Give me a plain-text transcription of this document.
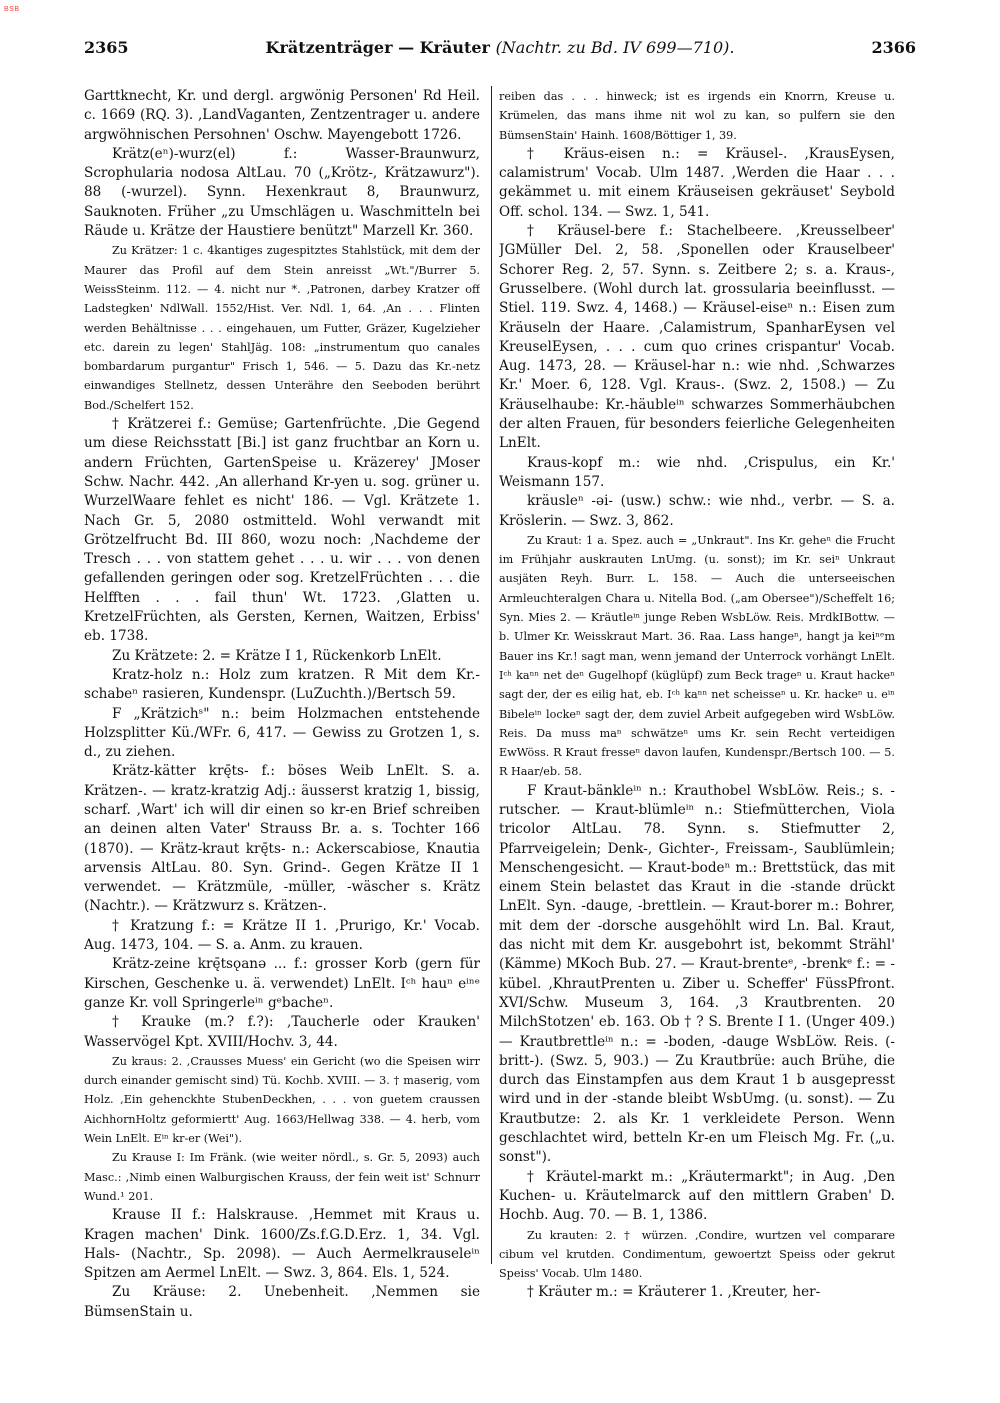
BSB
2365	Krätzenträger — Kräuter (Nachtr. zu Bd. IV 699—710).	2366

Garttknecht, Kr. und dergl. argwönig Personen' Rd Heil. c. 1669 (RQ. 3). ,LandVaganten, Zentzentrager u. andere argwöhnischen Persohnen' Oschw. Mayengebott 1726.

Krätz(eⁿ)-wurz(el) f.: Wasser-Braunwurz, Scrophularia nodosa AltLau. 70 („Krötz-, Krätzawurz"). 88 (-wurzel). Synn. Hexenkraut 8, Braunwurz, Sauknoten. Früher „zu Umschlägen u. Waschmitteln bei Räude u. Krätze der Haustiere benützt" Marzell Kr. 360.

Zu Krätzer: 1 c. 4kantiges zugespitztes Stahlstück, mit dem der Maurer das Profil auf dem Stein anreisst „Wt."/Burrer 5. WeissSteinm. 112. — 4. nicht nur *. ,Patronen, darbey Kratzer off Ladstegken' NdlWall. 1552/Hist. Ver. Ndl. 1, 64. ,An . . . Flinten werden Behältnisse . . . eingehauen, um Futter, Gräzer, Kugelzieher etc. darein zu legen' StahlJäg. 108: „instrumentum quo canales bombardarum purgantur" Frisch 1, 546. — 5. Dazu das Kr.-netz einwandiges Stellnetz, dessen Unterähre den Seeboden berührt Bod./Schelfert 152.

† Krätzerei f.: Gemüse; Gartenfrüchte. ,Die Gegend um diese Reichsstatt [Bi.] ist ganz fruchtbar an Korn u. andern Früchten, GartenSpeise u. Kräzerey' JMoser Schw. Nachr. 442. ,An allerhand Kr-yen u. sog. grüner u. WurzelWaare fehlet es nicht' 186. — Vgl. Krätzete 1. Nach Gr. 5, 2080 ostmitteld. Wohl verwandt mit Grötzelfrucht Bd. III 860, wozu noch: ,Nachdeme der Tresch . . . von stattem gehet . . . u. wir . . . von denen gefallenden geringen oder sog. KretzelFrüchten . . . die Helfften . . . fail thun' Wt. 1723. ,Glatten u. KretzelFrüchten, als Gersten, Kernen, Waitzen, Erbiss' eb. 1738.

Zu Krätzete: 2. = Krätze I 1, Rückenkorb LnElt.

Kratz-holz n.: Holz zum kratzen. R Mit dem Kr.-schabeⁿ rasieren, Kundenspr. (LuZuchth.)/Bertsch 59.

F „Krätzichˢ" n.: beim Holzmachen entstehende Holzsplitter Kü./WFr. 6, 417. — Gewiss zu Grotzen 1, s. d., zu ziehen.

Krätz-kätter krę̄ts- f.: böses Weib LnElt. S. a. Krätzen-. — kratz-kratzig Adj.: äusserst kratzig 1, bissig, scharf. ,Wart' ich will dir einen so kr-en Brief schreiben an deinen alten Vater' Strauss Br. a. s. Tochter 166 (1870). — Krätz-kraut krę̄ts- n.: Ackerscabiose, Knautia arvensis AltLau. 80. Syn. Grind-. Gegen Krätze II 1 verwendet. — Krätzmüle, -müller, -wäscher s. Krätz (Nachtr.). — Krätzwurz s. Krätzen-.

† Kratzung f.: = Krätze II 1. ,Prurigo, Kr.' Vocab. Aug. 1473, 104. — S. a. Anm. zu krauen.

Krätz-zeine krę̄tsǫanə ... f.: grosser Korb (gern für Kirschen, Geschenke u. ä. verwendet) LnElt. Iᶜʰ hauⁿ eⁱⁿᵉ ganze Kr. voll Springerleⁱⁿ gᵉbacheⁿ.

† Krauke (m.? f.?): ,Taucherle oder Krauken' Wasservögel Kpt. XVIII/Hochv. 3, 44.

Zu kraus: 2. ,Crausses Muess' ein Gericht (wo die Speisen wirr durch einander gemischt sind) Tü. Kochb. XVIII. — 3. † maserig, vom Holz. ,Ein gehenckhte StubenDeckhen, . . . von guetem craussen AichhornHoltz geformiertt' Aug. 1663/Hellwag 338. — 4. herb, vom Wein LnElt. Eⁱⁿ kr-er (Wei").

Zu Krause I: Im Fränk. (wie weiter nördl., s. Gr. 5, 2093) auch Masc.: ,Nimb einen Walburgischen Krauss, der fein weit ist' Schnurr Wund.¹ 201.

Krause II f.: Halskrause. ,Hemmet mit Kraus u. Kragen machen' Dink. 1600/Zs.f.G.D.Erz. 1, 34. Vgl. Hals- (Nachtr., Sp. 2098). — Auch Aermelkrauseleⁱⁿ Spitzen am Aermel LnElt. — Swz. 3, 864. Els. 1, 524.

Zu Kräuse: 2. Unebenheit. ,Nemmen sie BümsenStain u.

reiben das . . . hinweck; ist es irgends ein Knorrn, Kreuse u. Krümelen, das mans ihme nit wol zu kan, so pulfern sie den BümsenStain' Hainh. 1608/Böttiger 1, 39.

† Kräus-eisen n.: = Kräusel-. ,KrausEysen, calamistrum' Vocab. Ulm 1487. ,Werden die Haar . . . gekämmet u. mit einem Kräuseisen gekräuset' Seybold Off. schol. 134. — Swz. 1, 541.

† Kräusel-bere f.: Stachelbeere. ,Kreusselbeer' JGMüller Del. 2, 58. ,Sponellen oder Krauselbeer' Schorer Reg. 2, 57. Synn. s. Zeitbere 2; s. a. Kraus-, Grusselbere. (Wohl durch lat. grossularia beeinflusst. — Stiel. 119. Swz. 4, 1468.) — Kräusel-eiseⁿ n.: Eisen zum Kräuseln der Haare. ,Calamistrum, SpanharEysen vel KreuselEysen, . . . cum quo crines crispantur' Vocab. Aug. 1473, 28. — Kräusel-har n.: wie nhd. ,Schwarzes Kr.' Moer. 6, 128. Vgl. Kraus-. (Swz. 2, 1508.) — Zu Kräuselhaube: Kr.-häubleⁱⁿ schwarzes Sommerhäubchen der alten Frauen, für besonders feierliche Gelegenheiten LnElt.

Kraus-kopf m.: wie nhd. ,Crispulus, ein Kr.' Weismann 157.

kräusleⁿ -əi- (usw.) schw.: wie nhd., verbr. — S. a. Kröslerin. — Swz. 3, 862.

Zu Kraut: 1 a. Spez. auch = „Unkraut". Ins Kr. geheⁿ die Frucht im Frühjahr auskrauten LnUmg. (u. sonst); im Kr. seiⁿ Unkraut ausjäten Reyh. Burr. L. 158. — Auch die unterseeischen Armleuchteralgen Chara u. Nitella Bod. („am Obersee")/Scheffelt 16; Syn. Mies 2. — Kräutleⁱⁿ junge Reben WsbLöw. Reis. MrdkIBottw. — b. Ulmer Kr. Weisskraut Mart. 36. Raa. Lass hangeⁿ, hangt ja keiⁿᵉm Bauer ins Kr.! sagt man, wenn jemand der Unterrock vorhängt LnElt. Iᶜʰ kaⁿⁿ net deⁿ Gugelhopf (küglüpf) zum Beck trageⁿ u. Kraut hackeⁿ sagt der, der es eilig hat, eb. Iᶜʰ kaⁿⁿ net scheisseⁿ u. Kr. hackeⁿ u. eⁱⁿ Bibeleⁱⁿ lockeⁿ sagt der, dem zuviel Arbeit aufgegeben wird WsbLöw. Reis. Da muss maⁿ schwätzeⁿ ums Kr. sein Recht verteidigen EwWöss. R Kraut fresseⁿ davon laufen, Kundenspr./Bertsch 100. — 5. R Haar/eb. 58.

F Kraut-bänkleⁱⁿ n.: Krauthobel WsbLöw. Reis.; s. -rutscher. — Kraut-blümleⁱⁿ n.: Stiefmütterchen, Viola tricolor AltLau. 78. Synn. s. Stiefmutter 2, Pfarrveigelein; Denk-, Gichter-, Freissam-, Saublümlein; Menschengesicht. — Kraut-bodeⁿ m.: Brettstück, das mit einem Stein belastet das Kraut in die -stande drückt LnElt. Syn. -dauge, -brettlein. — Kraut-borer m.: Bohrer, mit dem der -dorsche ausgehöhlt wird Ln. Bal. Kraut, das nicht mit dem Kr. ausgebohrt ist, bekommt Strähl' (Kämme) MKoch Bub. 27. — Kraut-brenteᵉ, -brenkᵉ f.: = -kübel. ,KhrautPrenten u. Ziber u. Scheffer' FüssPfront. XVI/Schw. Museum 3, 164. ,3 Krautbrenten. 20 MilchStotzen' eb. 163. Ob † ? S. Brente I 1. (Unger 409.) — Krautbrettleⁱⁿ n.: = -boden, -dauge WsbLöw. Reis. (-britt-). (Swz. 5, 903.) — Zu Krautbrüe: auch Brühe, die durch das Einstampfen aus dem Kraut 1 b ausgepresst wird und in der -stande bleibt WsbUmg. (u. sonst). — Zu Krautbutze: 2. als Kr. 1 verkleidete Person. Wenn geschlachtet wird, betteln Kr-en um Fleisch Mg. Fr. („u. sonst").

† Kräutel-markt m.: „Kräutermarkt"; in Aug. ,Den Kuchen- u. Kräutelmarck auf den mittlern Graben' D. Hochb. Aug. 70. — B. 1, 1386.

Zu krauten: 2. † würzen. ,Condire, wurtzen vel comparare cibum vel krutden. Condimentum, gewoertzt Speiss oder gekrut Speiss' Vocab. Ulm 1480.

† Kräuter m.: = Kräuterer 1. ,Kreuter, her-
